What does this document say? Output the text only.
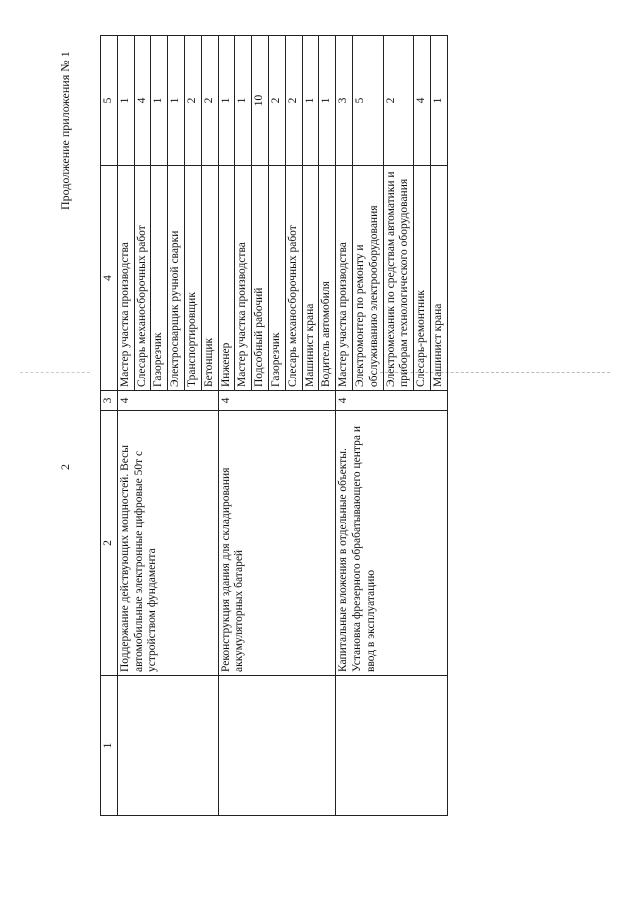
Продолжение приложения № 1
2
1	2	3	4	5
	Поддержание действующих мощностей. Весы автомобильные электронные цифровые 50т с устройством фундамента	4	Мастер участка производства	1
			Слесарь механосборочных работ	4
			Газорезчик	1
			Электросварщик ручной сварки	1
			Транспортировщик	2
			Бетонщик	2
	Реконструкция здания для складирования аккумуляторных батарей	4	Инженер	1
			Мастер участка производства	1
			Подсобный рабочий	10
			Газорезчик	2
			Слесарь механосборочных работ	2
			Машинист крана	1
			Водитель автомобиля	1
	Капитальные вложения в отдельные объекты. Установка фрезерного обрабатывающего центра и ввод в эксплуатацию	4	Мастер участка производства	3
			Электромонтер по ремонту и обслуживанию электрооборудования	5
			Электромеханик по средствам автоматики и приборам технологического оборудования	2
			Слесарь-ремонтник	4
			Машинист крана	1
